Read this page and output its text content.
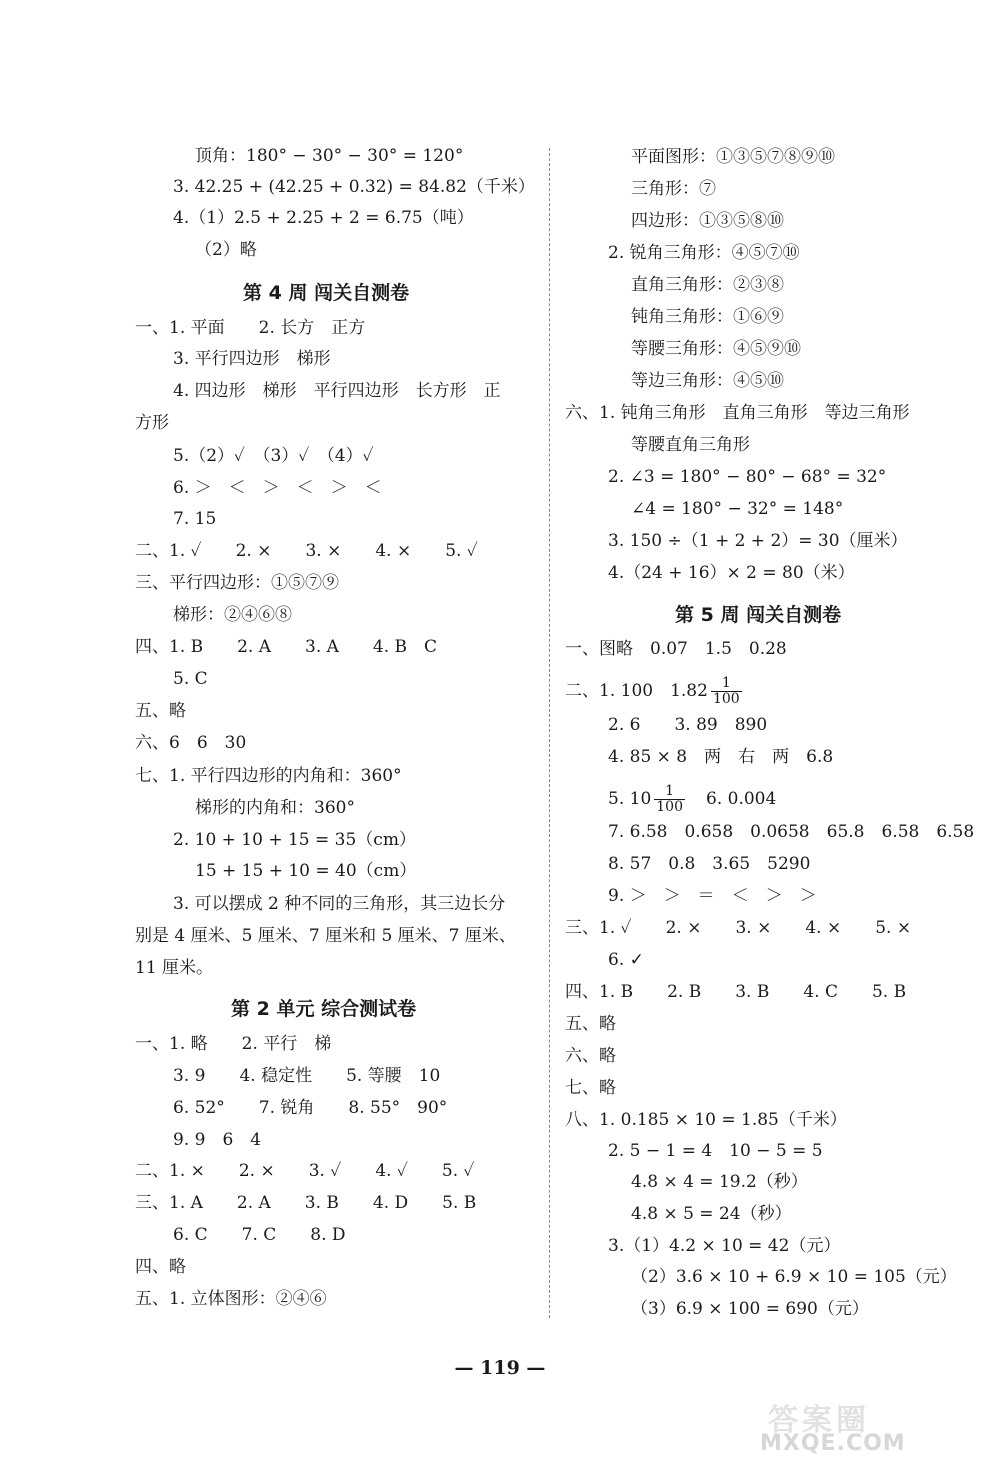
顶角：180° − 30° − 30° = 120°
3. 42.25 + (42.25 + 0.32) = 84.82（千米）
4.（1）2.5 + 2.25 + 2 = 6.75（吨）
（2）略
第 4 周 闯关自测卷
一、1. 平面　　2. 长方　正方
3. 平行四边形　梯形
4. 四边形　梯形　平行四边形　长方形　正
方形
5.（2）✓　（3）✓　（4）✓
6. ＞　＜　＞　＜　＞　＜
7. 15
二、1. ✓　　2. ×　　3. ×　　4. ×　　5. ✓
三、平行四边形：①⑤⑦⑨
梯形：②④⑥⑧
四、1. B　　2. A　　3. A　　4. B　C
5. C
五、略
六、6　6　30
七、1. 平行四边形的内角和：360°
梯形的内角和：360°
2. 10 + 10 + 15 = 35（cm）
15 + 15 + 10 = 40（cm）
3. 可以摆成 2 种不同的三角形，其三边长分
别是 4 厘米、5 厘米、7 厘米和 5 厘米、7 厘米、
11 厘米。
第 2 单元 综合测试卷
一、1. 略　　2. 平行　梯
3. 9　　4. 稳定性　　5. 等腰　10
6. 52°　　7. 锐角　　8. 55°　90°
9. 9　6　4
二、1. ×　　2. ×　　3. ✓　　4. ✓　　5. ✓
三、1. A　　2. A　　3. B　　4. D　　5. B
6. C　　7. C　　8. D
四、略
五、1. 立体图形：②④⑥
平面图形：①③⑤⑦⑧⑨⑩
三角形：⑦
四边形：①③⑤⑧⑩
2. 锐角三角形：④⑤⑦⑩
直角三角形：②③⑧
钝角三角形：①⑥⑨
等腰三角形：④⑤⑨⑩
等边三角形：④⑤⑩
六、1. 钝角三角形　直角三角形　等边三角形
等腰直角三角形
2. ∠3 = 180° − 80° − 68° = 32°
∠4 = 180° − 32° = 148°
3. 150 ÷（1 + 2 + 2）= 30（厘米）
4.（24 + 16）× 2 = 80（米）
第 5 周 闯关自测卷
一、图略　0.07　1.5　0.28
二、1. 100　$1.82 \frac{1}{100}$
2. 6　　3. 89　890
4. 85 × 8　两　右　两　6.8
5. $10 \frac{1}{100} 6$. 0.004
7. 6.58　0.658　0.0658　65.8　6.58　6.58
8. 57　0.8　3.65　5290
9. ＞　＞　＝　＜　＞　＞
三、1. ✓　　2. ×　　3. ×　　4. ×　　5. ×
6. ✓
四、1. B　　2. B　　3. B　　4. C　　5. B
五、略
六、略
七、略
八、1. 0.185 × 10 = 1.85（千米）
2. 5 − 1 = 4　10 − 5 = 5
4.8 × 4 = 19.2（秒）
4.8 × 5 = 24（秒）
3.（1）4.2 × 10 = 42（元）
（2）3.6 × 10 + 6.9 × 10 = 105（元）
（3）6.9 × 100 = 690（元）
— 119 —
答案圈
MXQE.COM
